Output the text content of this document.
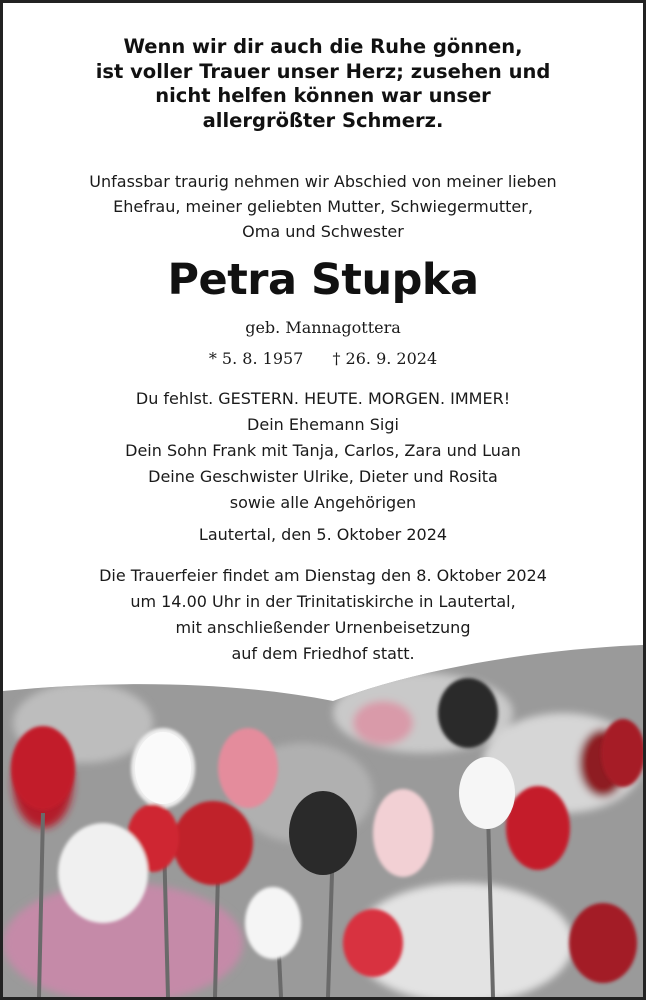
Wenn wir dir auch die Ruhe gönnen,
ist voller Trauer unser Herz; zusehen und
nicht helfen können war unser
allergrößter Schmerz.
Unfassbar traurig nehmen wir Abschied von meiner lieben
Ehefrau, meiner geliebten Mutter, Schwiegermutter,
Oma und Schwester
Petra Stupka
geb. Mannagottera
* 5. 8. 1957 † 26. 9. 2024
Du fehlst. GESTERN. HEUTE. MORGEN. IMMER!
Dein Ehemann Sigi
Dein Sohn Frank mit Tanja, Carlos, Zara und Luan
Deine Geschwister Ulrike, Dieter und Rosita
sowie alle Angehörigen
Lautertal, den 5. Oktober 2024
Die Trauerfeier findet am Dienstag den 8. Oktober 2024
um 14.00 Uhr in der Trinitatiskirche in Lautertal,
mit anschließender Urnenbeisetzung
auf dem Friedhof statt.
